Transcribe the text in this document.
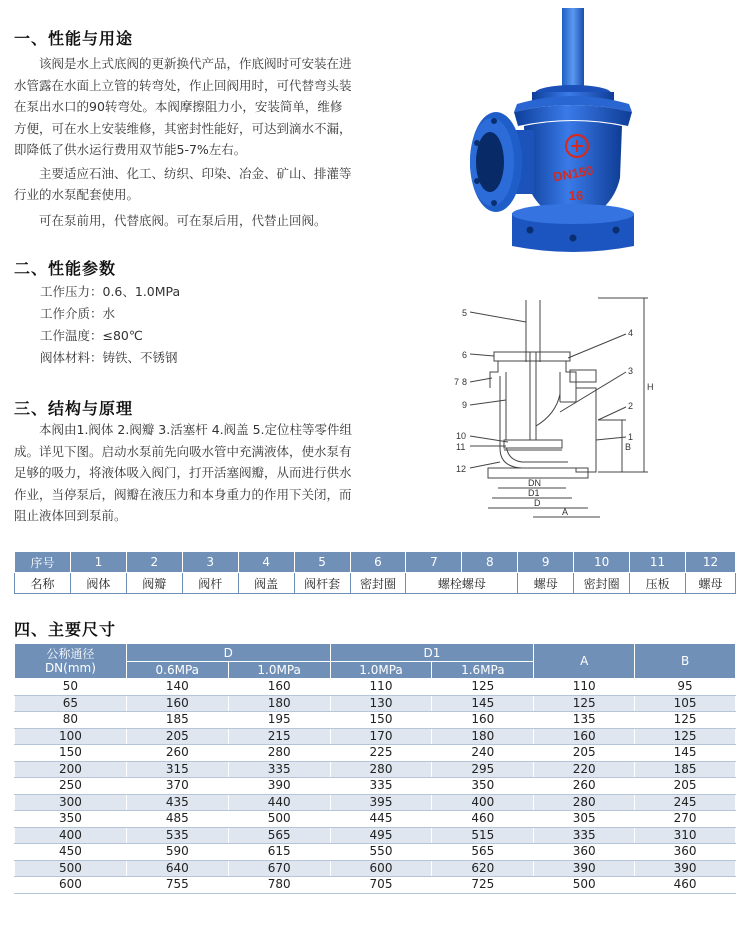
一、性能与用途

该阀是水上式底阀的更新换代产品，作底阀时可安装在进水管露在水面上立管的转弯处，作止回阀用时，可代替弯头装在泵出水口的90转弯处。本阀摩擦阻力小，安装简单，维修方便，可在水上安装维修，其密封性能好，可达到滴水不漏，即降低了供水运行费用双节能5-7%左右。

主要适应石油、化工、纺织、印染、冶金、矿山、排灌等行业的水泵配套使用。

可在泵前用，代替底阀。可在泵后用，代替止回阀。

DN150
16
二、性能参数
工作压力：0.6、1.0MPa
工作介质：水
工作温度：≤80℃
阀体材料：铸铁、不锈钢
三、结构与原理

本阀由1.阀体 2.阀瓣 3.活塞杆 4.阀盖 5.定位柱等零件组成。详见下图。启动水泵前先向吸水管中充满液体，使水泵有足够的吸力，将液体吸入阀门，打开活塞阀瓣，从而进行供水作业，当停泵后，阀瓣在液压力和本身重力的作用下关闭，而阻止液体回到泵前。

5
4
6
3
7 8
9	2
1
10
11
12
DN
D1
D
A
H
B
序号	1	2	3	4	5	6	7	8	9	10	11	12
名称	阀体	阀瓣	阀杆	阀盖	阀杆套	密封圈	螺栓螺母		螺母	密封圈	压板	螺母
四、主要尺寸
公称通径
DN(mm)	D		D1		A	B
	0.6MPa	1.0MPa	1.0MPa	1.6MPa		
50	140	160	110	125	110	95
65	160	180	130	145	125	105
80	185	195	150	160	135	125
100	205	215	170	180	160	125
150	260	280	225	240	205	145
200	315	335	280	295	220	185
250	370	390	335	350	260	205
300	435	440	395	400	280	245
350	485	500	445	460	305	270
400	535	565	495	515	335	310
450	590	615	550	565	360	360
500	640	670	600	620	390	390
600	755	780	705	725	500	460
